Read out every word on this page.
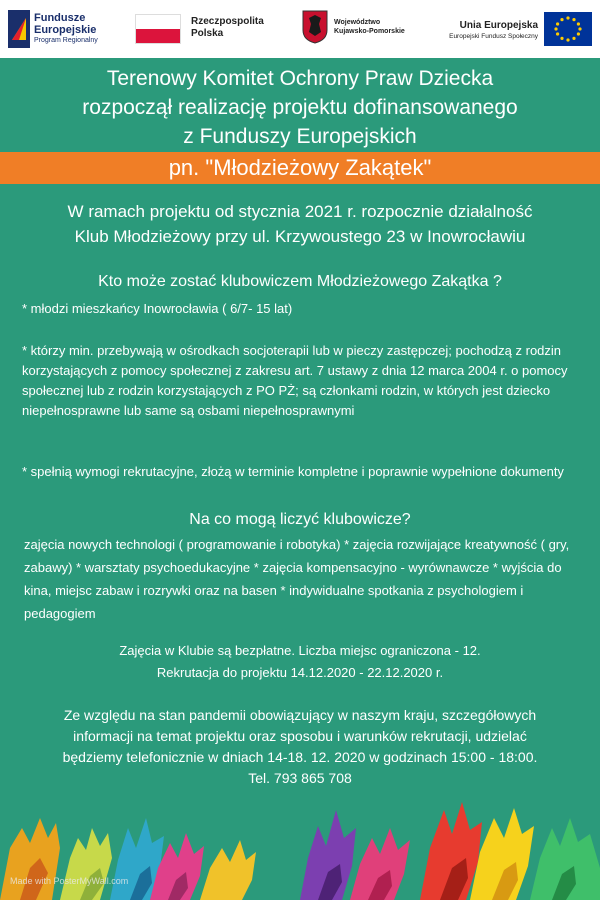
Fundusze
Europejskie
Program Regionalny
Rzeczpospolita
Polska
Województwo
Kujawsko-Pomorskie
Unia Europejska
Europejski Fundusz Społeczny
Terenowy Komitet Ochrony Praw Dziecka
rozpoczął realizację projektu dofinansowanego
z Funduszy Europejskich
pn. "Młodzieżowy Zakątek"
W ramach projektu od stycznia 2021 r. rozpocznie działalność
Klub Młodzieżowy przy ul. Krzywoustego 23 w Inowrocławiu
Kto może zostać klubowiczem Młodzieżowego Zakątka ?
* młodzi mieszkańcy Inowrocławia ( 6/7- 15 lat)
* którzy min. przebywają w ośrodkach socjoterapii lub w pieczy zastępczej; pochodzą z rodzin korzystających z pomocy społecznej z zakresu art. 7 ustawy z dnia 12 marca 2004 r. o pomocy społecznej lub z rodzin korzystających z PO PŻ; są członkami rodzin, w których jest dziecko niepełnosprawne lub same są osbami niepełnosprawnymi
* spełnią wymogi rekrutacyjne, złożą w terminie kompletne i poprawnie wypełnione dokumenty
Na co mogą liczyć klubowicze?
zajęcia nowych technologi ( programowanie i robotyka) * zajęcia rozwijające kreatywność ( gry, zabawy) * warsztaty psychoedukacyjne * zajęcia kompensacyjno - wyrównawcze * wyjścia do kina, miejsc zabaw i rozrywki oraz na basen * indywidualne spotkania z psychologiem i pedagogiem
Zajęcia w Klubie są bezpłatne. Liczba miejsc ograniczona - 12.
Rekrutacja do projektu 14.12.2020 - 22.12.2020 r.
Ze względu na stan pandemii obowiązujący w naszym kraju, szczegółowych
informacji na temat projektu oraz sposobu i warunków rekrutacji, udzielać
będziemy telefonicznie w dniach 14-18. 12. 2020 w godzinach 15:00 - 18:00.
Tel. 793 865 708
Made with PosterMyWall.com
